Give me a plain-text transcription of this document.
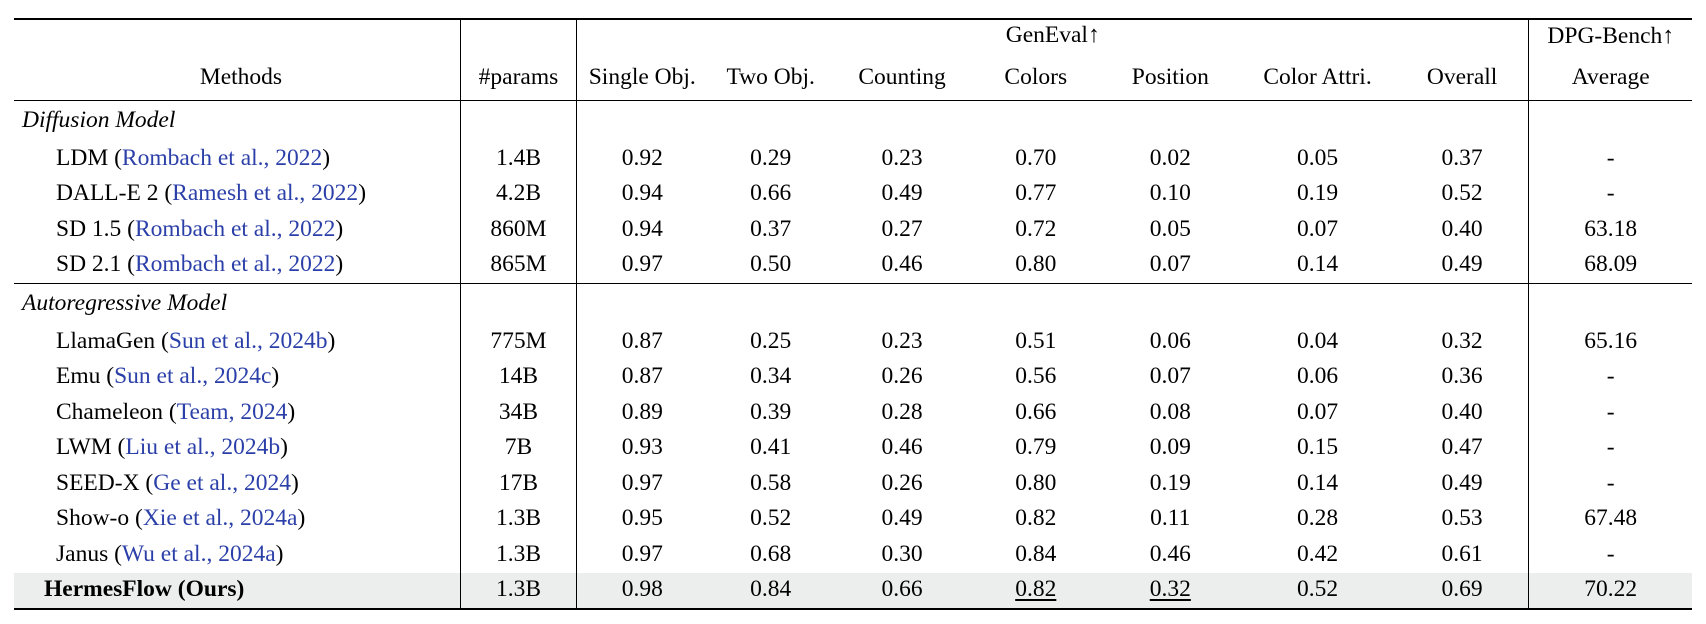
		GenEval↑							DPG-Bench↑
Methods	#params	Single Obj.	Two Obj.	Counting	Colors	Position	Color Attri.	Overall	Average
Diffusion Model									
LDM (Rombach et al., 2022)	1.4B	0.92	0.29	0.23	0.70	0.02	0.05	0.37	-
DALL-E 2 (Ramesh et al., 2022)	4.2B	0.94	0.66	0.49	0.77	0.10	0.19	0.52	-
SD 1.5 (Rombach et al., 2022)	860M	0.94	0.37	0.27	0.72	0.05	0.07	0.40	63.18
SD 2.1 (Rombach et al., 2022)	865M	0.97	0.50	0.46	0.80	0.07	0.14	0.49	68.09
Autoregressive Model									
LlamaGen (Sun et al., 2024b)	775M	0.87	0.25	0.23	0.51	0.06	0.04	0.32	65.16
Emu (Sun et al., 2024c)	14B	0.87	0.34	0.26	0.56	0.07	0.06	0.36	-
Chameleon (Team, 2024)	34B	0.89	0.39	0.28	0.66	0.08	0.07	0.40	-
LWM (Liu et al., 2024b)	7B	0.93	0.41	0.46	0.79	0.09	0.15	0.47	-
SEED-X (Ge et al., 2024)	17B	0.97	0.58	0.26	0.80	0.19	0.14	0.49	-
Show-o (Xie et al., 2024a)	1.3B	0.95	0.52	0.49	0.82	0.11	0.28	0.53	67.48
Janus (Wu et al., 2024a)	1.3B	0.97	0.68	0.30	0.84	0.46	0.42	0.61	-
HermesFlow (Ours)	1.3B	0.98	0.84	0.66	0.82	0.32	0.52	0.69	70.22
